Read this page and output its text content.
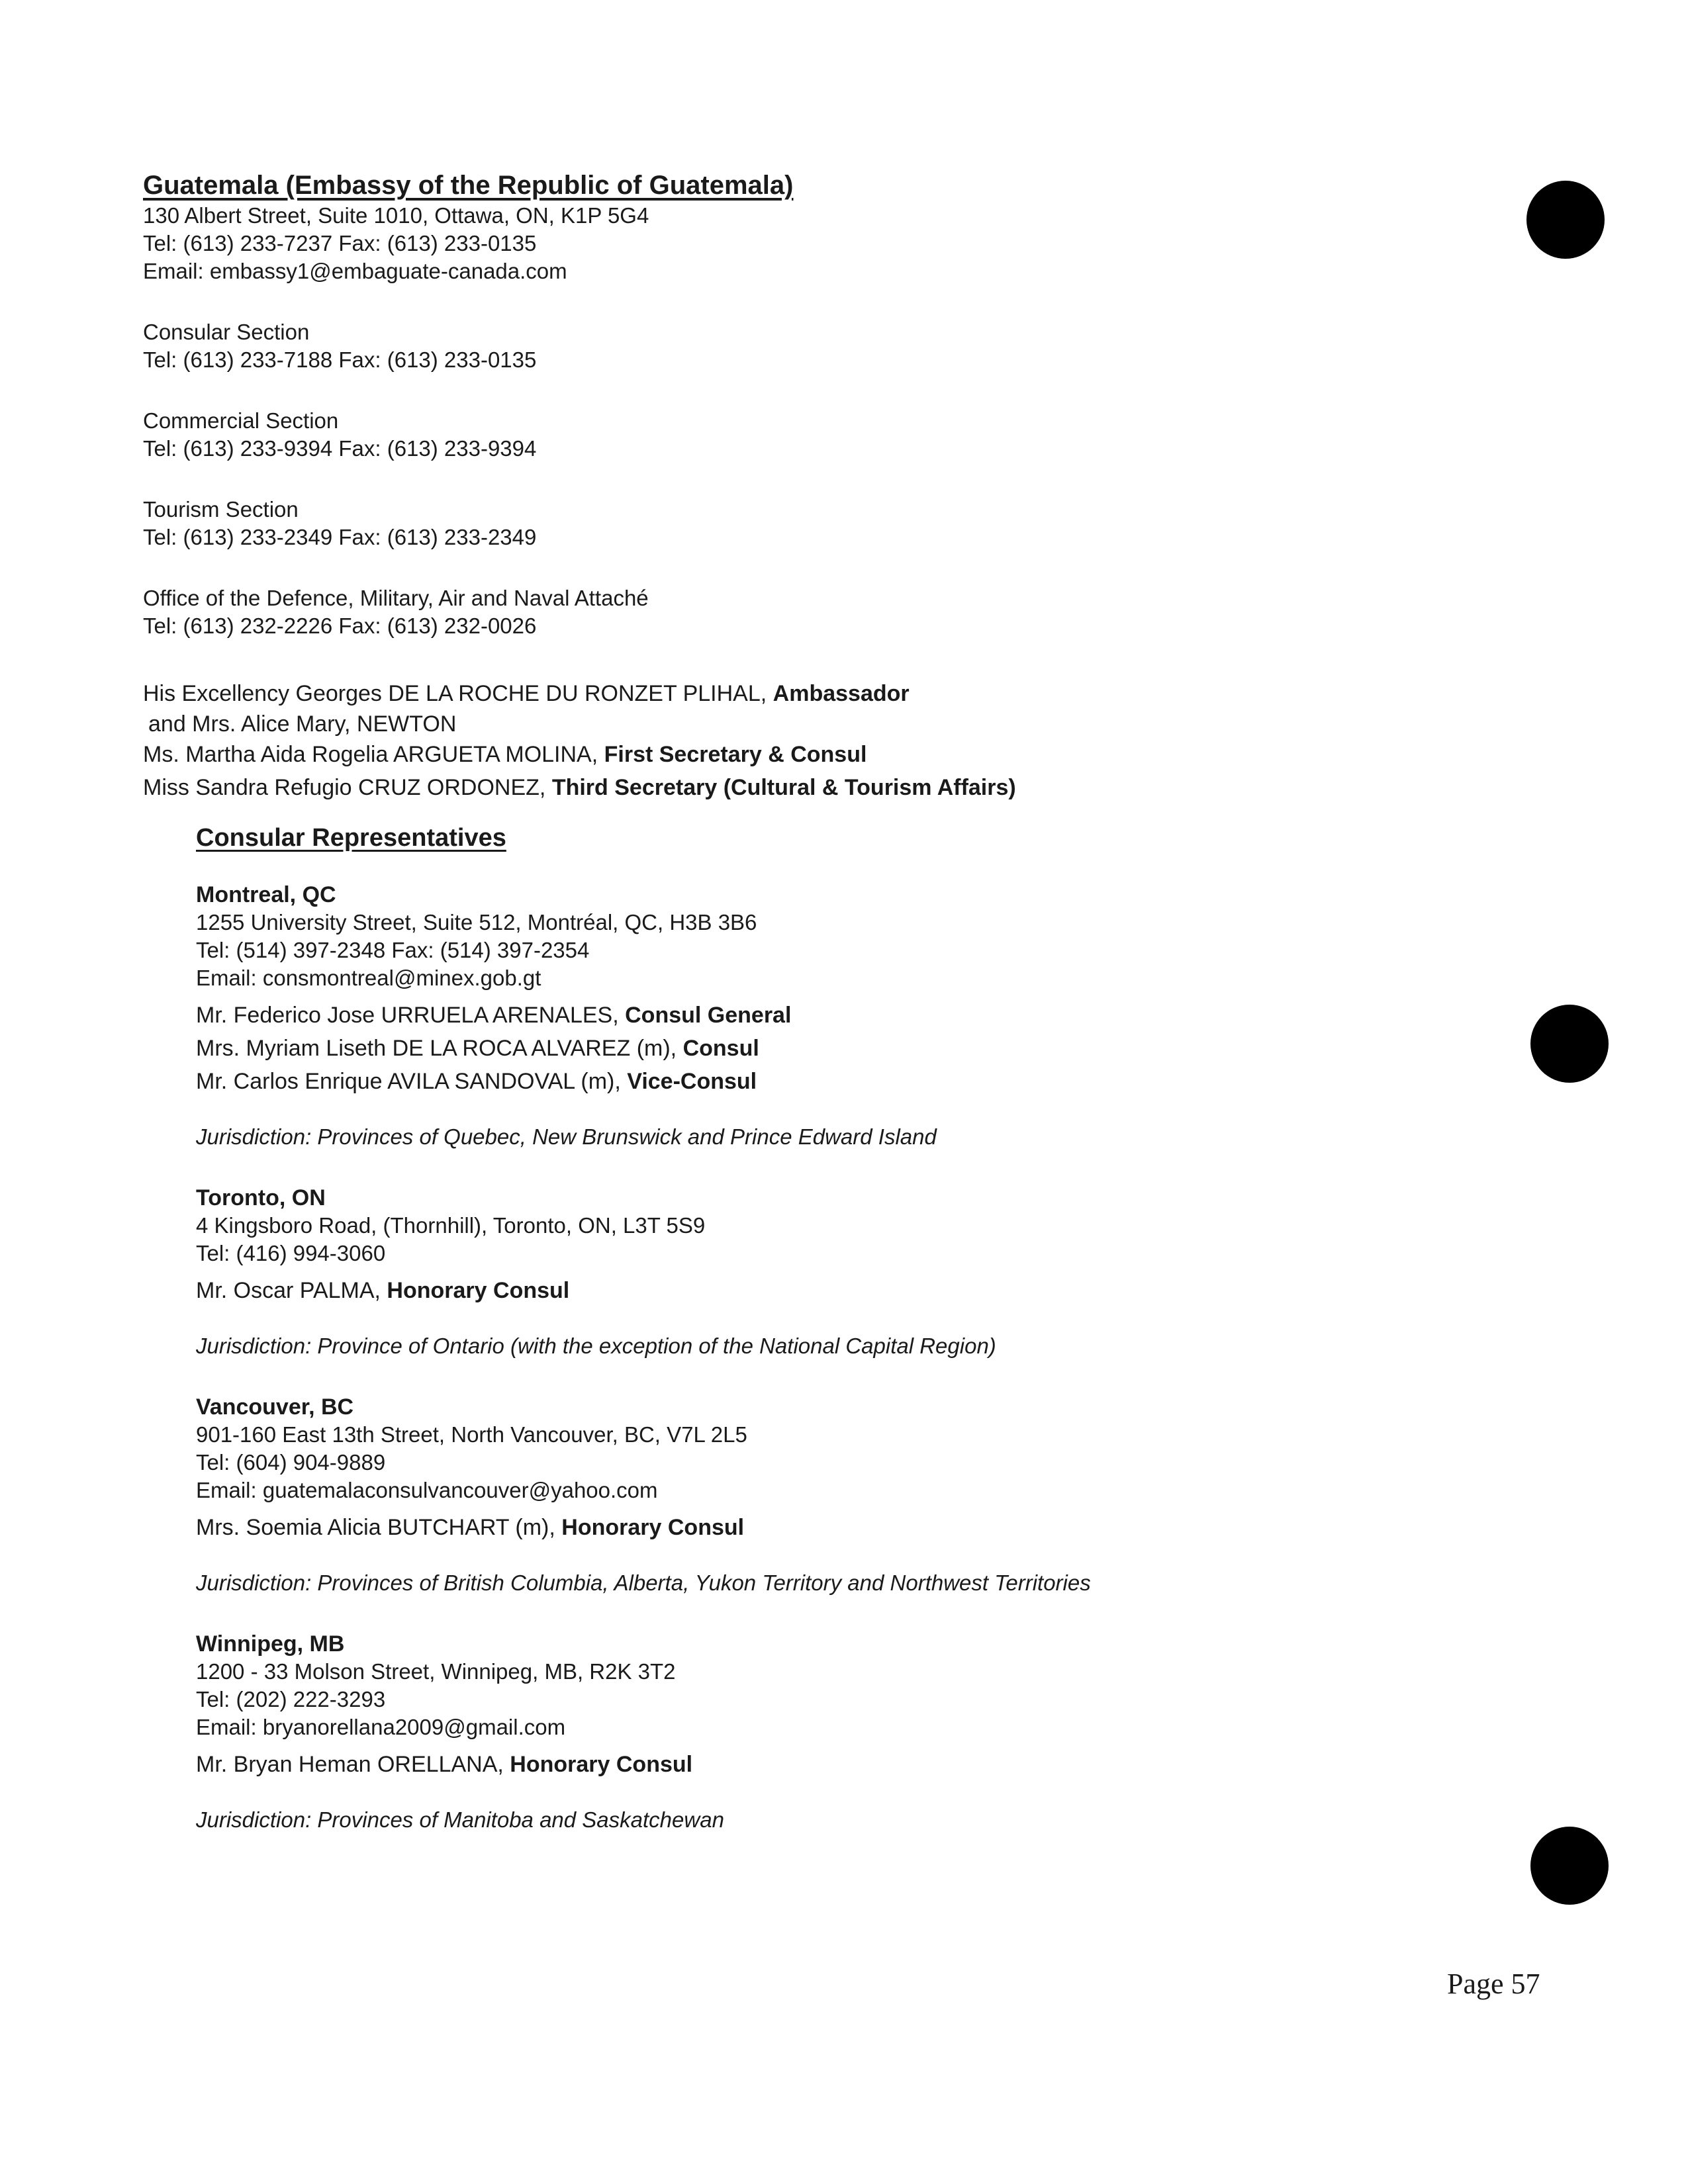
Guatemala (Embassy of the Republic of Guatemala)
130 Albert Street, Suite 1010, Ottawa, ON, K1P 5G4
Tel: (613) 233-7237 Fax: (613) 233-0135
Email: embassy1@embaguate-canada.com
Consular Section
Tel: (613) 233-7188 Fax: (613) 233-0135
Commercial Section
Tel: (613) 233-9394 Fax: (613) 233-9394
Tourism Section
Tel: (613) 233-2349 Fax: (613) 233-2349
Office of the Defence, Military, Air and Naval Attaché
Tel: (613) 232-2226 Fax: (613) 232-0026
His Excellency Georges DE LA ROCHE DU RONZET PLIHAL, Ambassador
and Mrs. Alice Mary, NEWTON
Ms. Martha Aida Rogelia ARGUETA MOLINA, First Secretary & Consul
Miss Sandra Refugio CRUZ ORDONEZ, Third Secretary (Cultural & Tourism Affairs)
Consular Representatives
Montreal, QC
1255 University Street, Suite 512, Montréal, QC, H3B 3B6
Tel: (514) 397-2348 Fax: (514) 397-2354
Email: consmontreal@minex.gob.gt
Mr. Federico Jose URRUELA ARENALES, Consul General
Mrs. Myriam Liseth DE LA ROCA ALVAREZ (m), Consul
Mr. Carlos Enrique AVILA SANDOVAL (m), Vice-Consul
Jurisdiction: Provinces of Quebec, New Brunswick and Prince Edward Island
Toronto, ON
4 Kingsboro Road, (Thornhill), Toronto, ON, L3T 5S9
Tel: (416) 994-3060
Mr. Oscar PALMA, Honorary Consul
Jurisdiction: Province of Ontario (with the exception of the National Capital Region)
Vancouver, BC
901-160 East 13th Street, North Vancouver, BC, V7L 2L5
Tel: (604) 904-9889
Email: guatemalaconsulvancouver@yahoo.com
Mrs. Soemia Alicia BUTCHART (m), Honorary Consul
Jurisdiction: Provinces of British Columbia, Alberta, Yukon Territory and Northwest Territories
Winnipeg, MB
1200 - 33 Molson Street, Winnipeg, MB, R2K 3T2
Tel: (202) 222-3293
Email: bryanorellana2009@gmail.com
Mr. Bryan Heman ORELLANA, Honorary Consul
Jurisdiction: Provinces of Manitoba and Saskatchewan
Page 57
